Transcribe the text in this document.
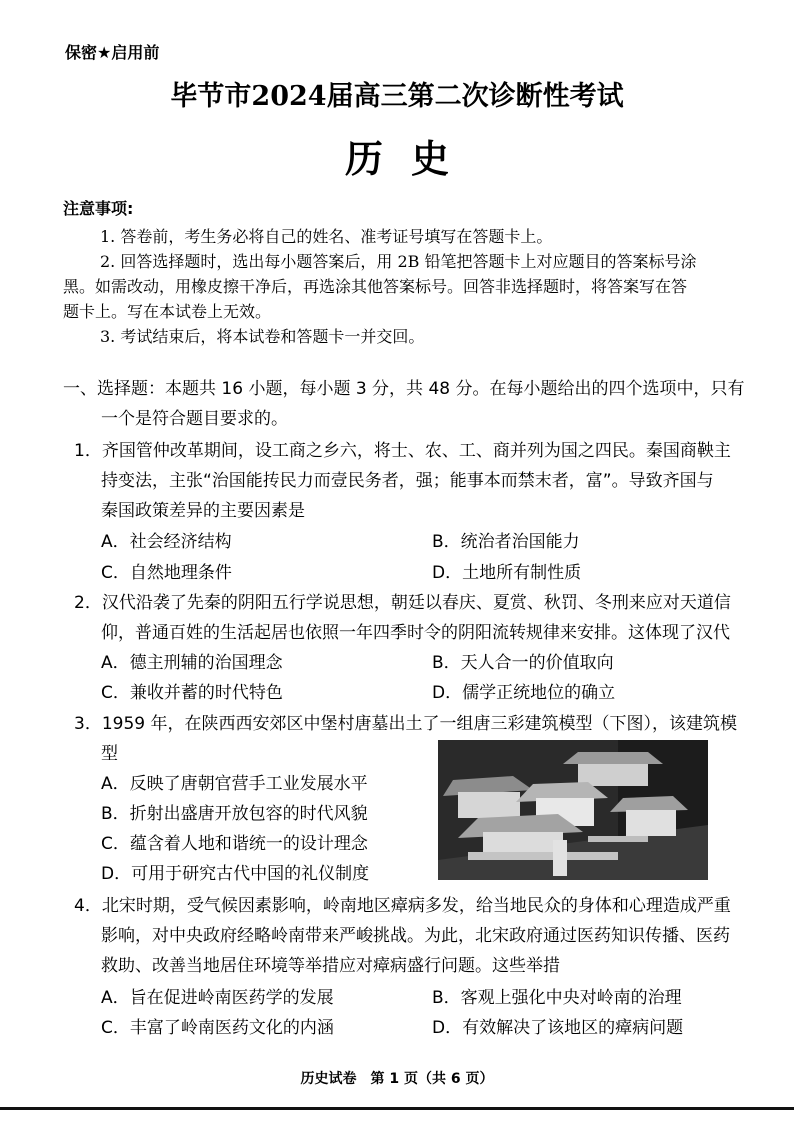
保密★启用前
毕节市2024届高三第二次诊断性考试
历史
注意事项:
1. 答卷前，考生务必将自己的姓名、准考证号填写在答题卡上。
2. 回答选择题时，选出每小题答案后，用 2B 铅笔把答题卡上对应题目的答案标号涂
黑。如需改动，用橡皮擦干净后，再选涂其他答案标号。回答非选择题时，将答案写在答
题卡上。写在本试卷上无效。
3. 考试结束后，将本试卷和答题卡一并交回。
一、选择题：本题共 16 小题，每小题 3 分，共 48 分。在每小题给出的四个选项中，只有
一个是符合题目要求的。
1．齐国管仲改革期间，设工商之乡六，将士、农、工、商并列为国之四民。秦国商鞅主
持变法，主张“治国能抟民力而壹民务者，强；能事本而禁末者，富”。导致齐国与
秦国政策差异的主要因素是
A．社会经济结构	B．统治者治国能力
C．自然地理条件	D．土地所有制性质
2．汉代沿袭了先秦的阴阳五行学说思想，朝廷以春庆、夏赏、秋罚、冬刑来应对天道信
仰，普通百姓的生活起居也依照一年四季时令的阴阳流转规律来安排。这体现了汉代
A．德主刑辅的治国理念	B．天人合一的价值取向
C．兼收并蓄的时代特色	D．儒学正统地位的确立
3．1959 年，在陕西西安郊区中堡村唐墓出土了一组唐三彩建筑模型（下图），该建筑模
型
A．反映了唐朝官营手工业发展水平
B．折射出盛唐开放包容的时代风貌
C．蕴含着人地和谐统一的设计理念
D．可用于研究古代中国的礼仪制度
4．北宋时期，受气候因素影响，岭南地区瘴病多发，给当地民众的身体和心理造成严重
影响，对中央政府经略岭南带来严峻挑战。为此，北宋政府通过医药知识传播、医药
救助、改善当地居住环境等举措应对瘴病盛行问题。这些举措
A．旨在促进岭南医药学的发展	B．客观上强化中央对岭南的治理
C．丰富了岭南医药文化的内涵	D．有效解决了该地区的瘴病问题
历史试卷　第 1 页（共 6 页）
